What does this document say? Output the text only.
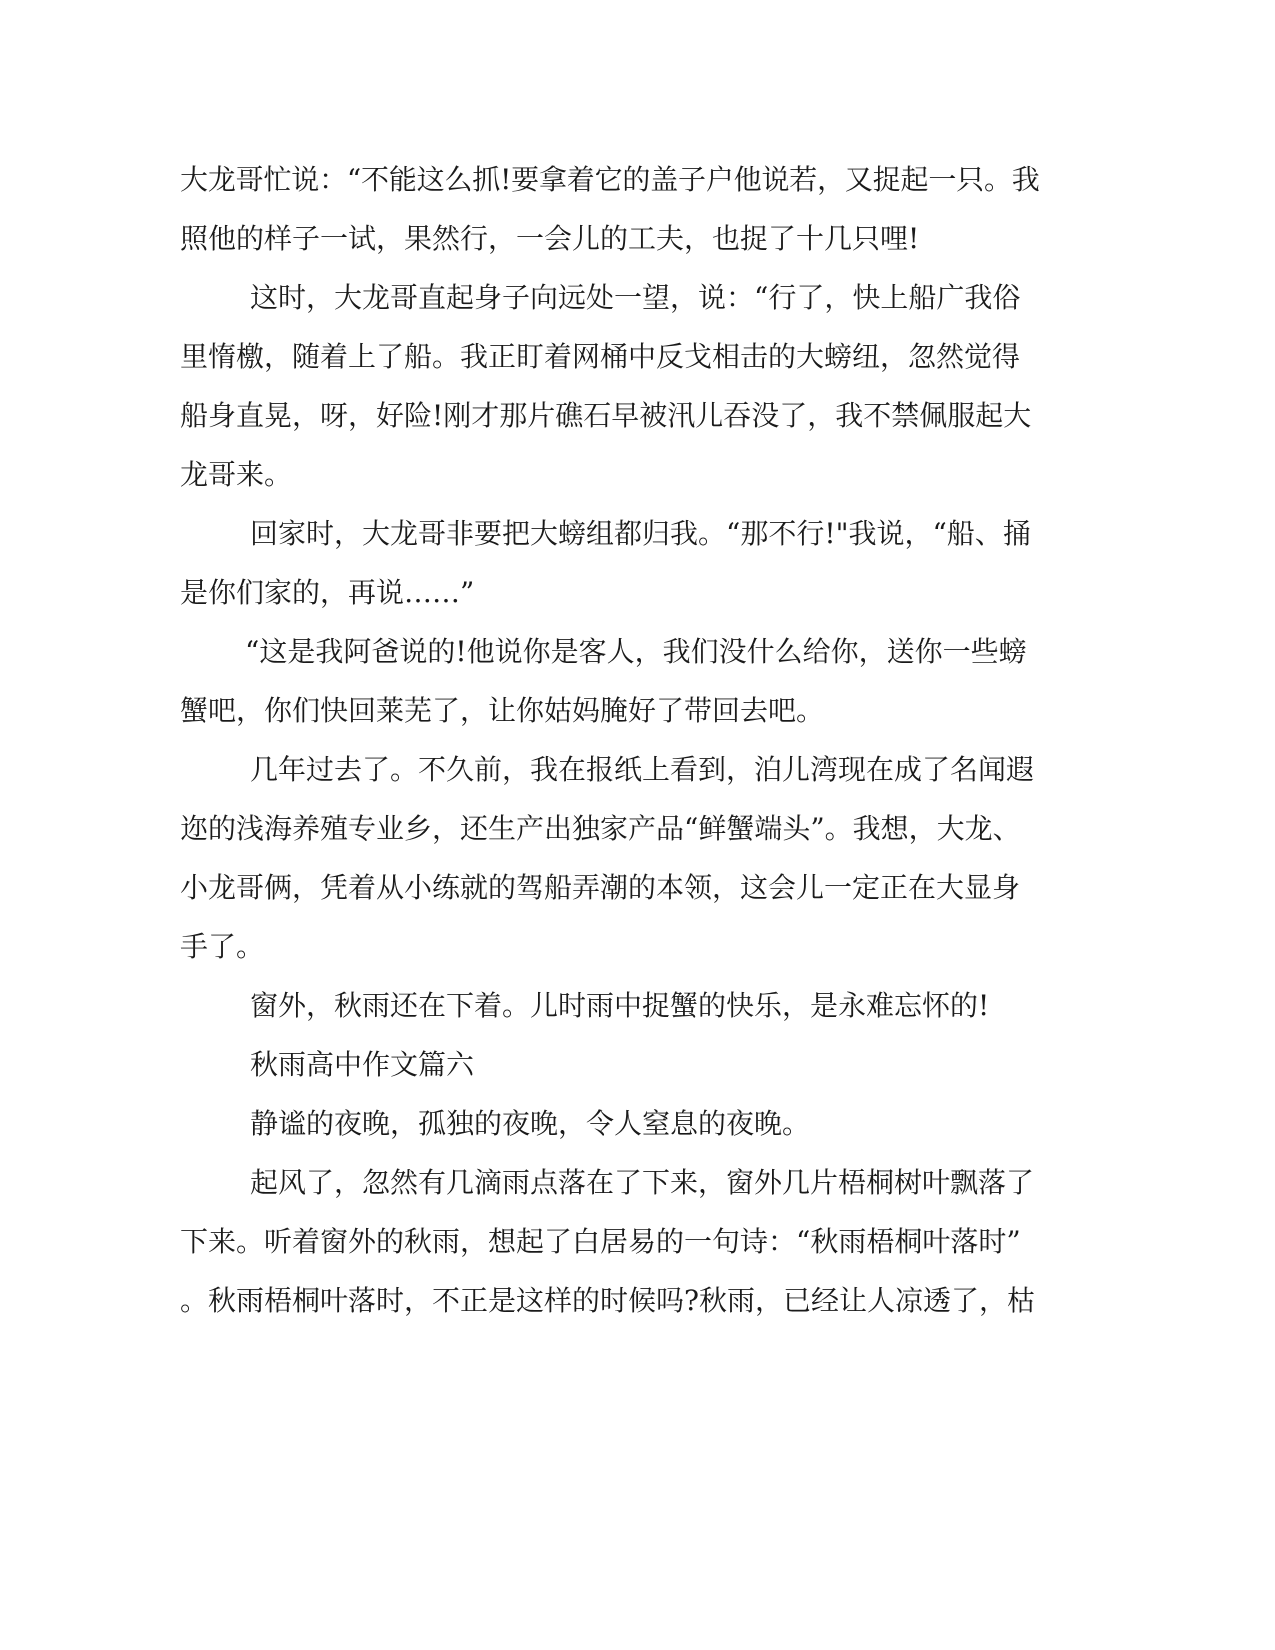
大龙哥忙说：“不能这么抓!要拿着它的盖子户他说若，又捉起一只。我
照他的样子一试，果然行，一会儿的工夫，也捉了十几只哩!
这时，大龙哥直起身子向远处一望，说：“行了，快上船广我俗
里惰檄，随着上了船。我正盯着网桶中反戈相击的大螃纽，忽然觉得
船身直晃，呀，好险!刚才那片礁石早被汛儿吞没了，我不禁佩服起大
龙哥来。
回家时，大龙哥非要把大螃组都归我。“那不行!"我说，“船、捅
是你们家的，再说……”
“这是我阿爸说的!他说你是客人，我们没什么给你，送你一些螃
蟹吧，你们快回莱芜了，让你姑妈腌好了带回去吧。
几年过去了。不久前，我在报纸上看到，泊儿湾现在成了名闻遐
迩的浅海养殖专业乡，还生产出独家产品“鲜蟹端头”。我想，大龙、
小龙哥俩，凭着从小练就的驾船弄潮的本领，这会儿一定正在大显身
手了。
窗外，秋雨还在下着。儿时雨中捉蟹的快乐，是永难忘怀的!
秋雨高中作文篇六
静谧的夜晚，孤独的夜晚，令人窒息的夜晚。
起风了，忽然有几滴雨点落在了下来，窗外几片梧桐树叶飘落了
下来。听着窗外的秋雨，想起了白居易的一句诗：“秋雨梧桐叶落时”
。秋雨梧桐叶落时，不正是这样的时候吗?秋雨，已经让人凉透了，枯
